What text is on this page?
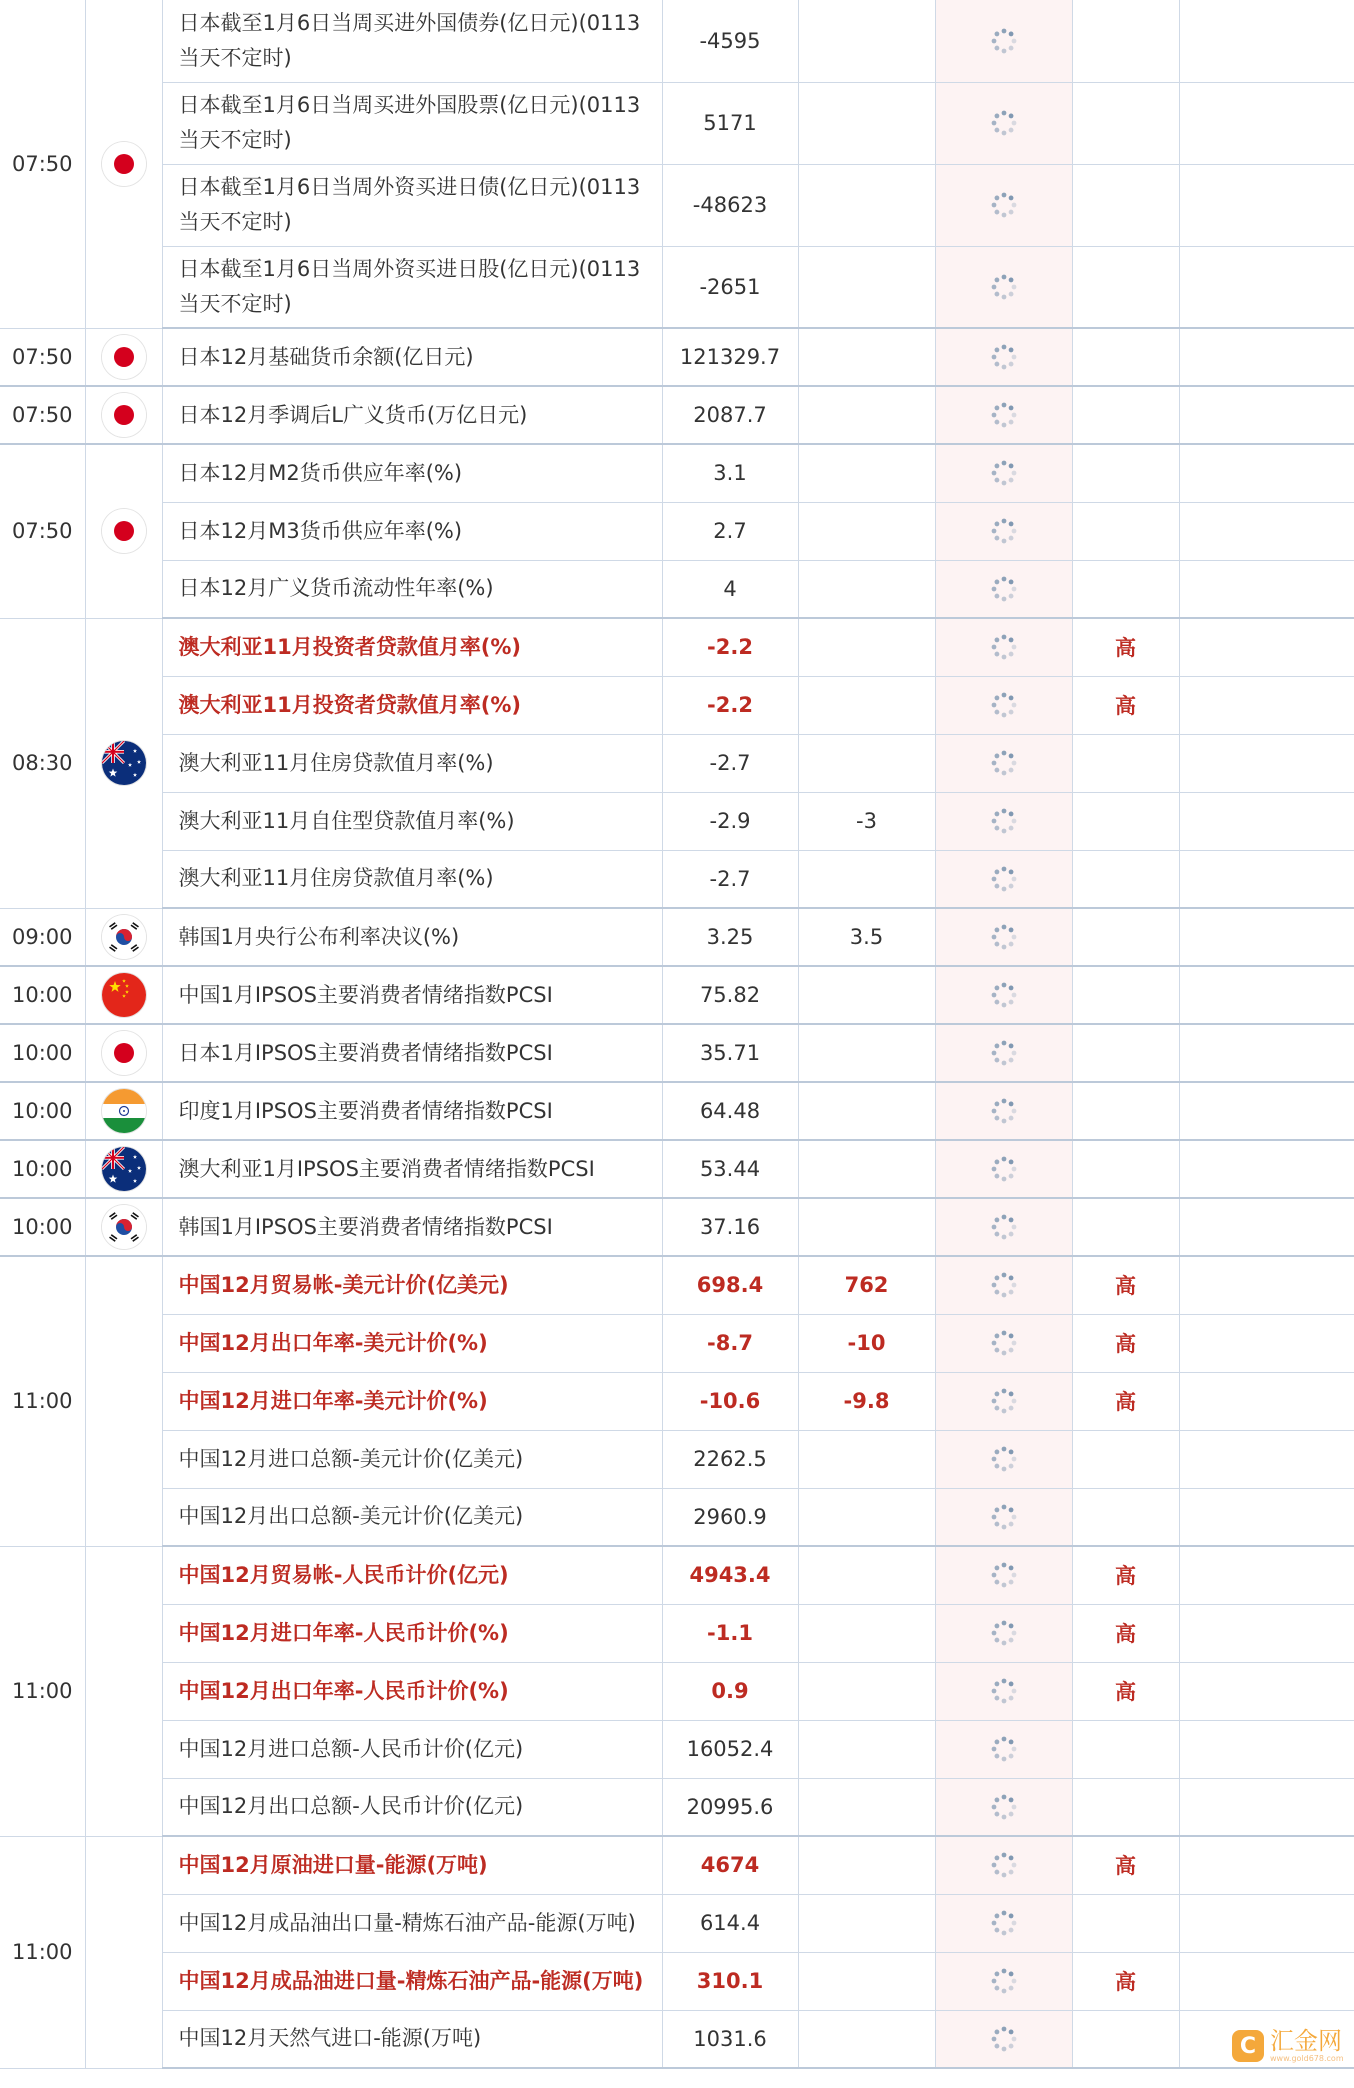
07:50		日本截至1月6日当周买进外国债券(亿日元)(0113当天不定时)	-4595		

		日本截至1月6日当周买进外国股票(亿日元)(0113当天不定时)	5171		

		日本截至1月6日当周外资买进日债(亿日元)(0113当天不定时)	-48623		

		日本截至1月6日当周外资买进日股(亿日元)(0113当天不定时)	-2651		

07:50		日本12月基础货币余额(亿日元)	121329.7		

07:50		日本12月季调后L广义货币(万亿日元)	2087.7		

07:50		日本12月M2货币供应年率(%)	3.1		

		日本12月M3货币供应年率(%)	2.7		

		日本12月广义货币流动性年率(%)	4		

08:30		澳大利亚11月投资者贷款值月率(%)	-2.2			高	
		澳大利亚11月投资者贷款值月率(%)	-2.2			高	
		澳大利亚11月住房贷款值月率(%)	-2.7		

		澳大利亚11月自住型贷款值月率(%)	-2.9	-3	

		澳大利亚11月住房贷款值月率(%)	-2.7		

09:00		韩国1月央行公布利率决议(%)	3.25	3.5	

10:00		中国1月IPSOS主要消费者情绪指数PCSI	75.82		

10:00		日本1月IPSOS主要消费者情绪指数PCSI	35.71		

10:00		印度1月IPSOS主要消费者情绪指数PCSI	64.48		

10:00		澳大利亚1月IPSOS主要消费者情绪指数PCSI	53.44		

10:00		韩国1月IPSOS主要消费者情绪指数PCSI	37.16		

11:00		中国12月贸易帐-美元计价(亿美元)	698.4	762		高	
		中国12月出口年率-美元计价(%)	-8.7	-10		高	
		中国12月进口年率-美元计价(%)	-10.6	-9.8		高	
		中国12月进口总额-美元计价(亿美元)	2262.5		

		中国12月出口总额-美元计价(亿美元)	2960.9		

11:00		中国12月贸易帐-人民币计价(亿元)	4943.4			高	
		中国12月进口年率-人民币计价(%)	-1.1			高	
		中国12月出口年率-人民币计价(%)	0.9			高	
		中国12月进口总额-人民币计价(亿元)	16052.4		

		中国12月出口总额-人民币计价(亿元)	20995.6		

11:00		中国12月原油进口量-能源(万吨)	4674			高	
		中国12月成品油出口量-精炼石油产品-能源(万吨)	614.4		

		中国12月成品油进口量-精炼石油产品-能源(万吨)	310.1			高	
		中国12月天然气进口-能源(万吨)	1031.6		
			C 汇金网
www.gold678.com
